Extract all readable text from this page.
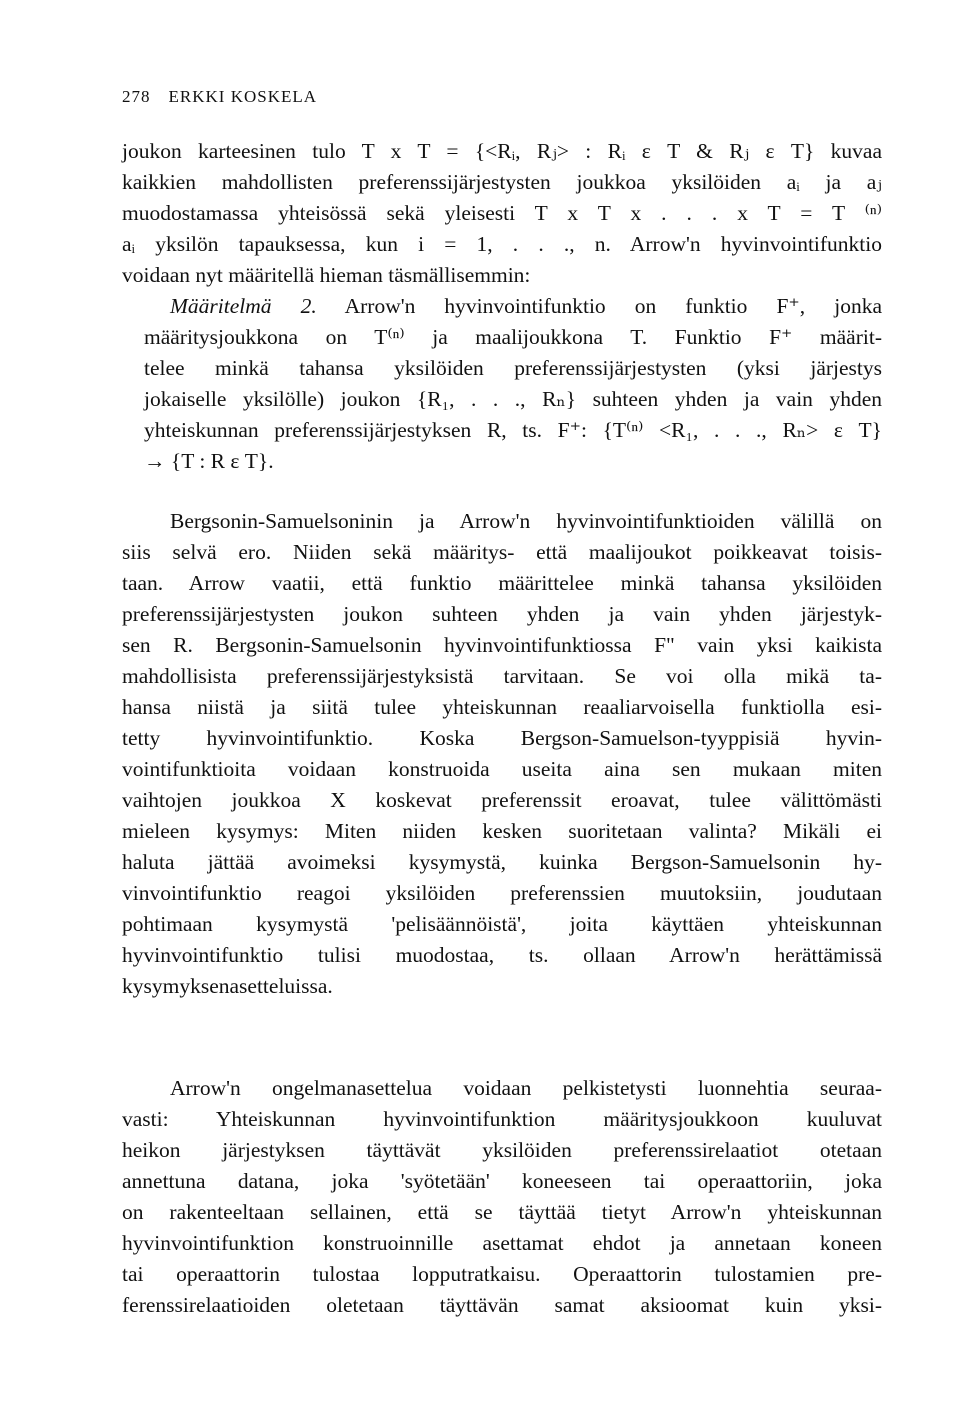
278 ERKKI KOSKELA
joukon karteesinen tulo T x T = {<Rᵢ, Rⱼ> : Rᵢ ε T & Rⱼ ε T} kuvaa
kaikkien mahdollisten preferenssijärjestysten joukkoa yksilöiden aᵢ ja aⱼ
muodostamassa yhteisössä sekä yleisesti T x T x . . . x T = T ⁽ⁿ⁾
aᵢ yksilön tapauksessa, kun i = 1, . . ., n. Arrow'n hyvinvointifunktio
voidaan nyt määritellä hieman täsmällisemmin:
Määritelmä 2. Arrow'n hyvinvointifunktio on funktio F⁺, jonka
määritysjoukkona on T⁽ⁿ⁾ ja maalijoukkona T. Funktio F⁺ määrit-
telee minkä tahansa yksilöiden preferenssijärjestysten (yksi järjestys
jokaiselle yksilölle) joukon {R₁, . . ., Rₙ} suhteen yhden ja vain yhden
yhteiskunnan preferenssijärjestyksen R, ts. F⁺: {T⁽ⁿ⁾ <R₁, . . ., Rₙ> ε T}
→ {T : R ε T}.
Bergsonin-Samuelsoninin ja Arrow'n hyvinvointifunktioiden välillä on
siis selvä ero. Niiden sekä määritys- että maalijoukot poikkeavat toisis-
taan. Arrow vaatii, että funktio määrittelee minkä tahansa yksilöiden
preferenssijärjestysten joukon suhteen yhden ja vain yhden järjestyk-
sen R. Bergsonin-Samuelsonin hyvinvointifunktiossa F" vain yksi kaikista
mahdollisista preferenssijärjestyksistä tarvitaan. Se voi olla mikä ta-
hansa niistä ja siitä tulee yhteiskunnan reaaliarvoisella funktiolla esi-
tetty hyvinvointifunktio. Koska Bergson-Samuelson-tyyppisiä hyvin-
vointifunktioita voidaan konstruoida useita aina sen mukaan miten
vaihtojen joukkoa X koskevat preferenssit eroavat, tulee välittömästi
mieleen kysymys: Miten niiden kesken suoritetaan valinta? Mikäli ei
haluta jättää avoimeksi kysymystä, kuinka Bergson-Samuelsonin hy-
vinvointifunktio reagoi yksilöiden preferenssien muutoksiin, joudutaan
pohtimaan kysymystä 'pelisäännöistä', joita käyttäen yhteiskunnan
hyvinvointifunktio tulisi muodostaa, ts. ollaan Arrow'n herättämissä
kysymyksenasetteluissa.
Arrow'n ongelmanasettelua voidaan pelkistetysti luonnehtia seuraa-
vasti: Yhteiskunnan hyvinvointifunktion määritysjoukkoon kuuluvat
heikon järjestyksen täyttävät yksilöiden preferenssirelaatiot otetaan
annettuna datana, joka 'syötetään' koneeseen tai operaattoriin, joka
on rakenteeltaan sellainen, että se täyttää tietyt Arrow'n yhteiskunnan
hyvinvointifunktion konstruoinnille asettamat ehdot ja annetaan koneen
tai operaattorin tulostaa lopputratkaisu. Operaattorin tulostamien pre-
ferenssirelaatioiden oletetaan täyttävän samat aksioomat kuin yksi-
